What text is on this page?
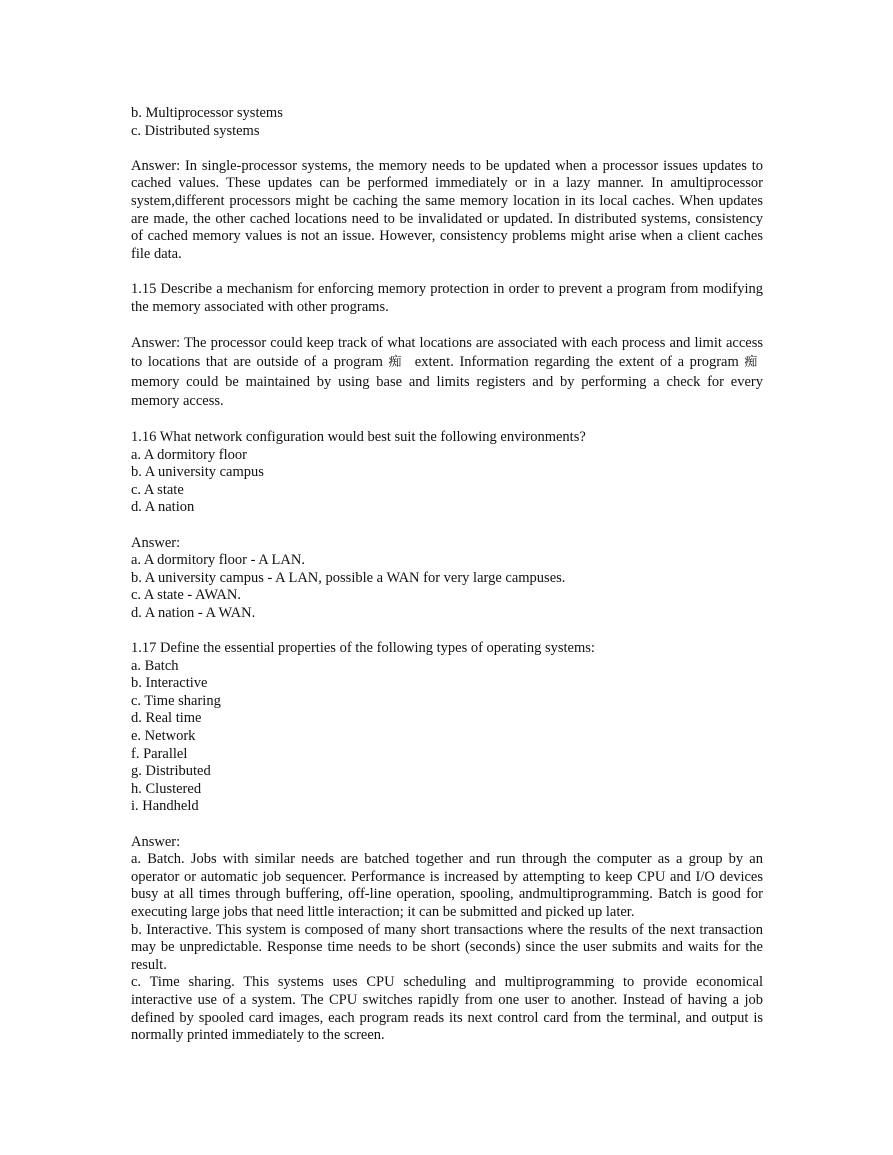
b. Multiprocessor systems
c. Distributed systems

Answer: In single-processor systems, the memory needs to be updated when a processor issues updates to cached values. These updates can be performed immediately or in a lazy manner. In amultiprocessor system,different processors might be caching the same memory location in its local caches. When updates are made, the other cached locations need to be invalidated or updated. In distributed systems, consistency of cached memory values is not an issue. However, consistency problems might arise when a client caches file data.

1.15 Describe a mechanism for enforcing memory protection in order to prevent a program from modifying the memory associated with other programs.

Answer: The processor could keep track of what locations are associated with each process and limit access to locations that are outside of a program 痴 extent. Information regarding the extent of a program 痴  memory could be maintained by using base and limits registers and by performing a check for every memory access.

1.16 What network configuration would best suit the following environments?
a. A dormitory floor
b. A university campus
c. A state
d. A nation
Answer:
a. A dormitory floor - A LAN.
b. A university campus - A LAN, possible a WAN for very large campuses.
c. A state - AWAN.
d. A nation - A WAN.
1.17 Define the essential properties of the following types of operating systems:
a. Batch
b. Interactive
c. Time sharing
d. Real time
e. Network
f. Parallel
g. Distributed
h. Clustered
i. Handheld
Answer:

a. Batch. Jobs with similar needs are batched together and run through the computer as a group by an operator or automatic job sequencer. Performance is increased by attempting to keep CPU and I/O devices busy at all times through buffering, off-line operation, spooling, andmultiprogramming. Batch is good for executing large jobs that need little interaction; it can be submitted and picked up later.

b. Interactive. This system is composed of many short transactions where the results of the next transaction may be unpredictable. Response time needs to be short (seconds) since the user submits and waits for the result.

c. Time sharing. This systems uses CPU scheduling and multiprogramming to provide economical interactive use of a system. The CPU switches rapidly from one user to another. Instead of having a job defined by spooled card images, each program reads its next control card from the terminal, and output is normally printed immediately to the screen.
